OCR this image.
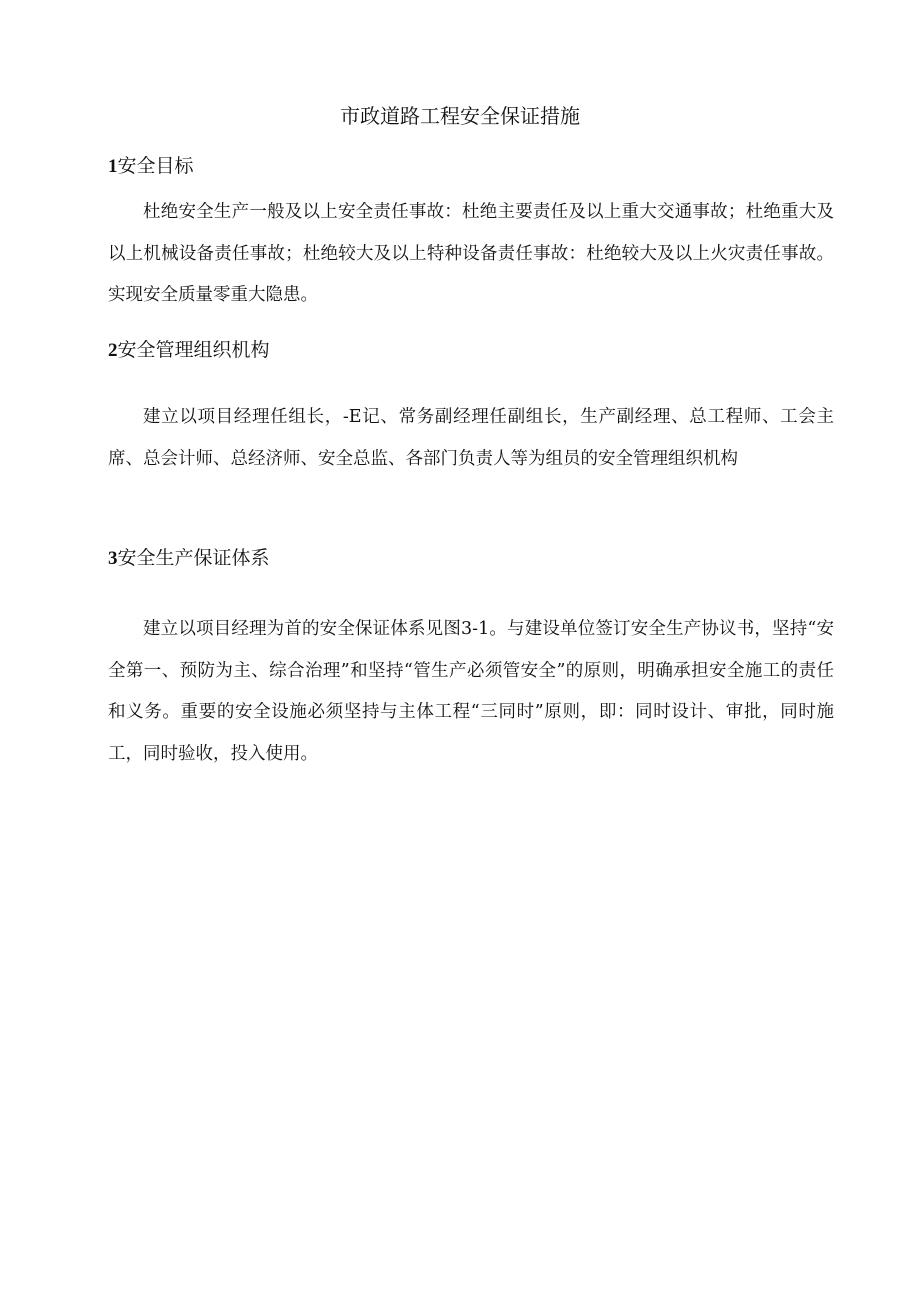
市政道路工程安全保证措施
1安全目标

杜绝安全生产一般及以上安全责任事故：杜绝主要责任及以上重大交通事故；杜绝重大及以上机械设备责任事故；杜绝较大及以上特种设备责任事故：杜绝较大及以上火灾责任事故。实现安全质量零重大隐患。

2安全管理组织机构

建立以项目经理任组长，-E记、常务副经理任副组长，生产副经理、总工程师、工会主席、总会计师、总经济师、安全总监、各部门负责人等为组员的安全管理组织机构

3安全生产保证体系

建立以项目经理为首的安全保证体系见图3-1。与建设单位签订安全生产协议书，坚持“安全第一、预防为主、综合治理”和坚持“管生产必须管安全”的原则，明确承担安全施工的责任和义务。重要的安全设施必须坚持与主体工程“三同时”原则，即：同时设计、审批，同时施工，同时验收，投入使用。
